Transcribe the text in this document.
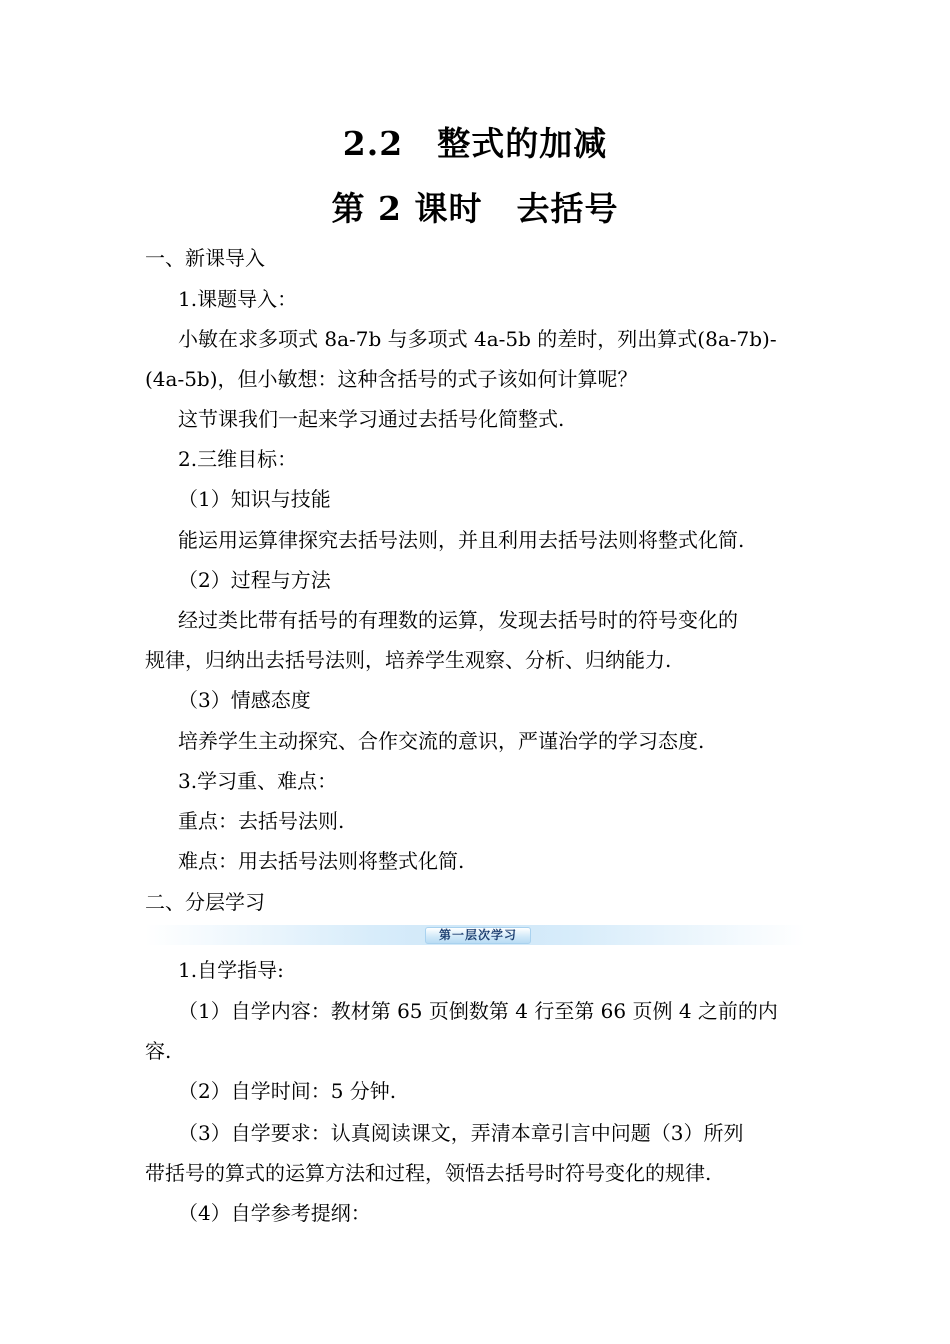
2.2　整式的加减
第 2 课时　去括号
一、新课导入
1.课题导入：
小敏在求多项式 8a-7b 与多项式 4a-5b 的差时，列出算式(8a-7b)-
(4a-5b)，但小敏想：这种含括号的式子该如何计算呢？
这节课我们一起来学习通过去括号化简整式.
2.三维目标：
（1）知识与技能
能运用运算律探究去括号法则，并且利用去括号法则将整式化简.
（2）过程与方法
经过类比带有括号的有理数的运算，发现去括号时的符号变化的
规律，归纳出去括号法则，培养学生观察、分析、归纳能力.
（3）情感态度
培养学生主动探究、合作交流的意识，严谨治学的学习态度.
3.学习重、难点：
重点：去括号法则.
难点：用去括号法则将整式化简.
二、分层学习
第一层次学习
1.自学指导:
（1）自学内容：教材第 65 页倒数第 4 行至第 66 页例 4 之前的内
容.
（2）自学时间：5 分钟.
（3）自学要求：认真阅读课文，弄清本章引言中问题（3）所列
带括号的算式的运算方法和过程，领悟去括号时符号变化的规律.
（4）自学参考提纲：
